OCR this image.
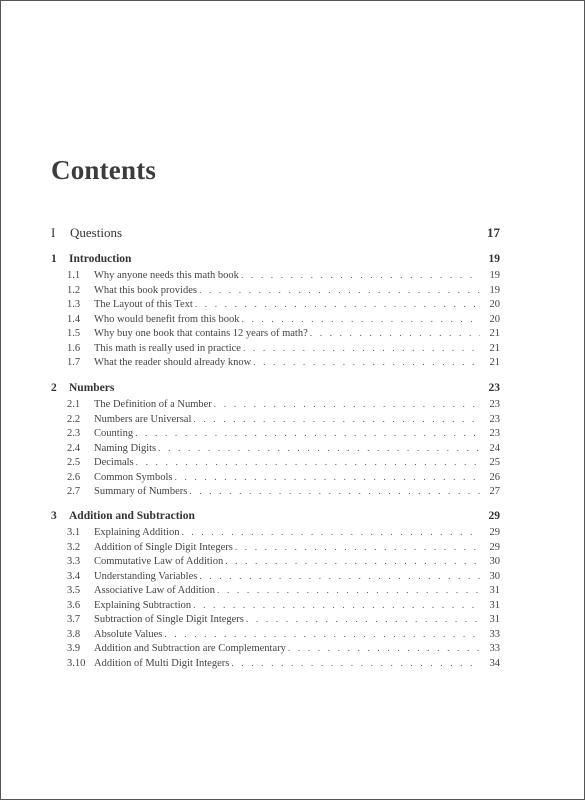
Contents
I	Questions	17
1	Introduction	19
1.1	Why anyone needs this math book . . .	19
1.2	What this book provides . . .	19
1.3	The Layout of this Text . . .	20
1.4	Who would benefit from this book . . .	20
1.5	Why buy one book that contains 12 years of math? . . .	21
1.6	This math is really used in practice . . .	21
1.7	What the reader should already know . . .	21
2	Numbers	23
2.1	The Definition of a Number . . .	23
2.2	Numbers are Universal . . .	23
2.3	Counting . . .	23
2.4	Naming Digits . . .	24
2.5	Decimals . . .	25
2.6	Common Symbols . . .	26
2.7	Summary of Numbers . . .	27
3	Addition and Subtraction	29
3.1	Explaining Addition . . .	29
3.2	Addition of Single Digit Integers . . .	29
3.3	Commutative Law of Addition . . .	30
3.4	Understanding Variables . . .	30
3.5	Associative Law of Addition . . .	31
3.6	Explaining Subtraction . . .	31
3.7	Subtraction of Single Digit Integers . . .	31
3.8	Absolute Values . . .	33
3.9	Addition and Subtraction are Complementary . . .	33
3.10 Addition of Multi Digit Integers . . .	34
